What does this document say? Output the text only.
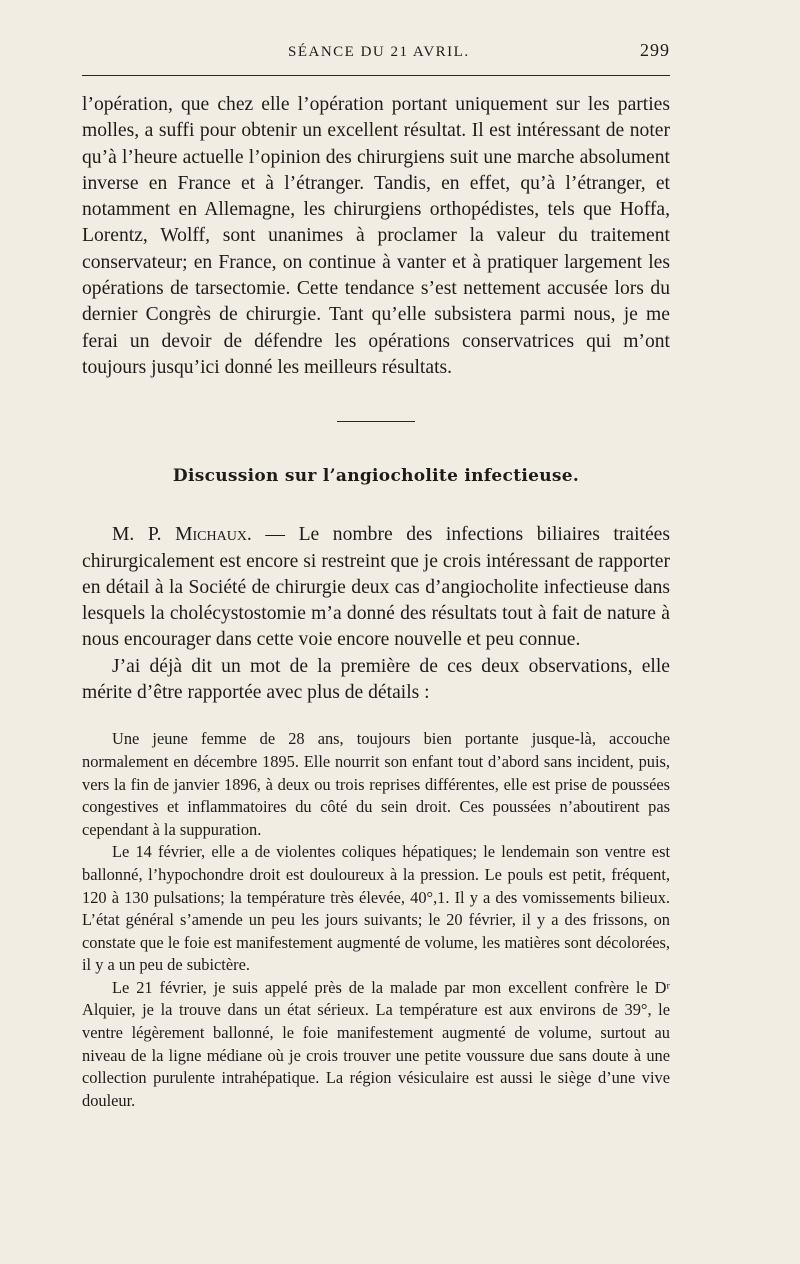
SÉANCE DU 21 AVRIL.	299

l’opération, que chez elle l’opération portant uniquement sur les parties molles, a suffi pour obtenir un excellent résultat. Il est intéressant de noter qu’à l’heure actuelle l’opinion des chirurgiens suit une marche absolument inverse en France et à l’étranger. Tandis, en effet, qu’à l’étranger, et notamment en Allemagne, les chirurgiens orthopédistes, tels que Hoffa, Lorentz, Wolff, sont unanimes à proclamer la valeur du traitement conservateur; en France, on continue à vanter et à pratiquer largement les opérations de tarsectomie. Cette tendance s’est nettement accusée lors du dernier Congrès de chirurgie. Tant qu’elle subsistera parmi nous, je me ferai un devoir de défendre les opérations conservatrices qui m’ont toujours jusqu’ici donné les meilleurs résultats.

Discussion sur l’angiocholite infectieuse.

M. P. Michaux. — Le nombre des infections biliaires traitées chirurgicalement est encore si restreint que je crois intéressant de rapporter en détail à la Société de chirurgie deux cas d’angiocholite infectieuse dans lesquels la cholécystostomie m’a donné des résultats tout à fait de nature à nous encourager dans cette voie encore nouvelle et peu connue.

J’ai déjà dit un mot de la première de ces deux observations, elle mérite d’être rapportée avec plus de détails :

Une jeune femme de 28 ans, toujours bien portante jusque-là, accouche normalement en décembre 1895. Elle nourrit son enfant tout d’abord sans incident, puis, vers la fin de janvier 1896, à deux ou trois reprises différentes, elle est prise de poussées congestives et inflammatoires du côté du sein droit. Ces poussées n’aboutirent pas cependant à la suppuration.

Le 14 février, elle a de violentes coliques hépatiques; le lendemain son ventre est ballonné, l’hypochondre droit est douloureux à la pression. Le pouls est petit, fréquent, 120 à 130 pulsations; la température très élevée, 40°,1. Il y a des vomissements bilieux. L’état général s’amende un peu les jours suivants; le 20 février, il y a des frissons, on constate que le foie est manifestement augmenté de volume, les matières sont décolorées, il y a un peu de subictère.

Le 21 février, je suis appelé près de la malade par mon excellent confrère le Dʳ Alquier, je la trouve dans un état sérieux. La température est aux environs de 39°, le ventre légèrement ballonné, le foie manifestement augmenté de volume, surtout au niveau de la ligne médiane où je crois trouver une petite voussure due sans doute à une collection purulente intrahépatique. La région vésiculaire est aussi le siège d’une vive douleur.
